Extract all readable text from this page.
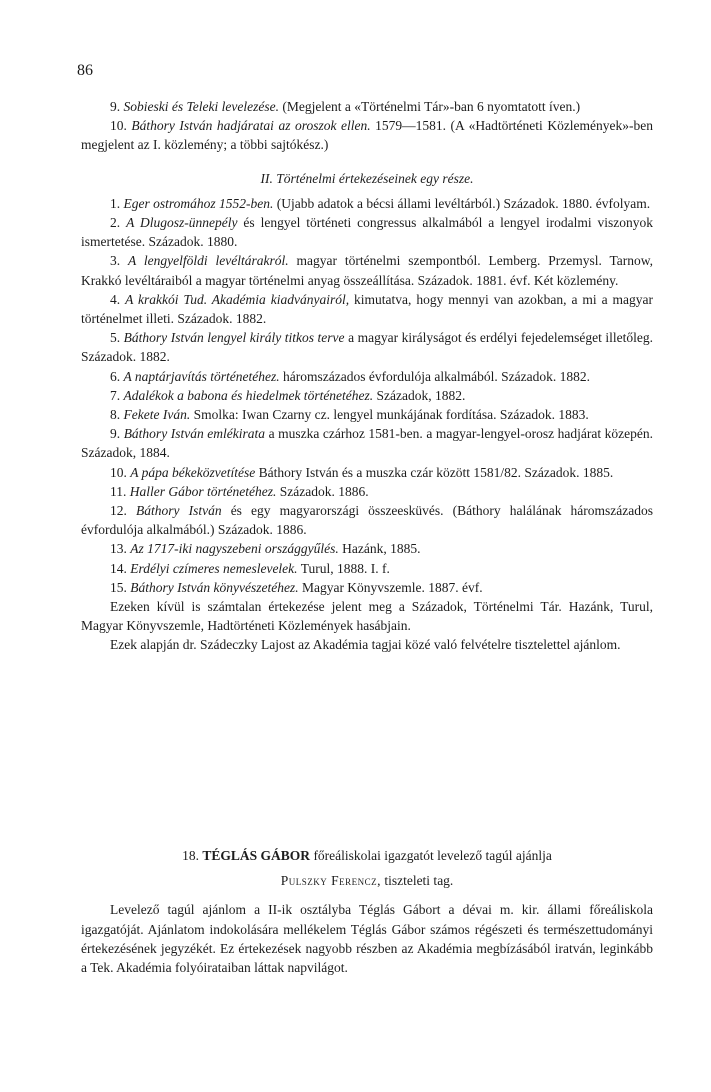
86

9. Sobieski és Teleki levelezése. (Megjelent a «Történelmi Tár»-ban 6 nyomtatott íven.)

10. Báthory István hadjáratai az oroszok ellen. 1579—1581. (A «Hadtörténeti Közlemények»-ben megjelent az I. közlemény; a többi sajtókész.)

II. Történelmi értekezéseinek egy része.

1. Eger ostromához 1552-ben. (Ujabb adatok a bécsi állami levéltárból.) Századok. 1880. évfolyam.

2. A Dlugosz-ünnepély és lengyel történeti congressus alkalmából a lengyel irodalmi viszonyok ismertetése. Századok. 1880.

3. A lengyelföldi levéltárakról. magyar történelmi szempontból. Lemberg. Przemysl. Tarnow, Krakkó levéltáraiból a magyar történelmi anyag összeállítása. Századok. 1881. évf. Két közlemény.

4. A krakkói Tud. Akadémia kiadványairól, kimutatva, hogy mennyi van azokban, a mi a magyar történelmet illeti. Századok. 1882.

5. Báthory István lengyel király titkos terve a magyar királyságot és erdélyi fejedelemséget illetőleg. Századok. 1882.

6. A naptárjavítás történetéhez. háromszázados évfordulója alkalmából. Századok. 1882.

7. Adalékok a babona és hiedelmek történetéhez. Századok, 1882.

8. Fekete Iván. Smolka: Iwan Czarny cz. lengyel munkájának fordítása. Századok. 1883.

9. Báthory István emlékirata a muszka czárhoz 1581-ben. a magyar-lengyel-orosz hadjárat közepén. Századok, 1884.

10. A pápa békeközvetítése Báthory István és a muszka czár között 1581/82. Századok. 1885.

11. Haller Gábor történetéhez. Századok. 1886.

12. Báthory István és egy magyarországi összeesküvés. (Báthory halálának háromszázados évfordulója alkalmából.) Századok. 1886.

13. Az 1717-iki nagyszebeni országgyűlés. Hazánk, 1885.

14. Erdélyi czímeres nemeslevelek. Turul, 1888. I. f.

15. Báthory István könyvészetéhez. Magyar Könyvszemle. 1887. évf.

Ezeken kívül is számtalan értekezése jelent meg a Századok, Történelmi Tár. Hazánk, Turul, Magyar Könyvszemle, Hadtörténeti Közlemények hasábjain.

Ezek alapján dr. Szádeczky Lajost az Akadémia tagjai közé való felvételre tisztelettel ajánlom.

18. TÉGLÁS GÁBOR főreáliskolai igazgatót levelező tagúl ajánlja

Pulszky Ferencz, tiszteleti tag.

Levelező tagúl ajánlom a II-ik osztályba Téglás Gábort a dévai m. kir. állami főreáliskola igazgatóját. Ajánlatom indokolására mellékelem Téglás Gábor számos régészeti és természettudományi értekezésének jegyzékét. Ez értekezések nagyobb részben az Akadémia megbízásából iratván, leginkább a Tek. Akadémia folyóirataiban láttak napvilágot.
